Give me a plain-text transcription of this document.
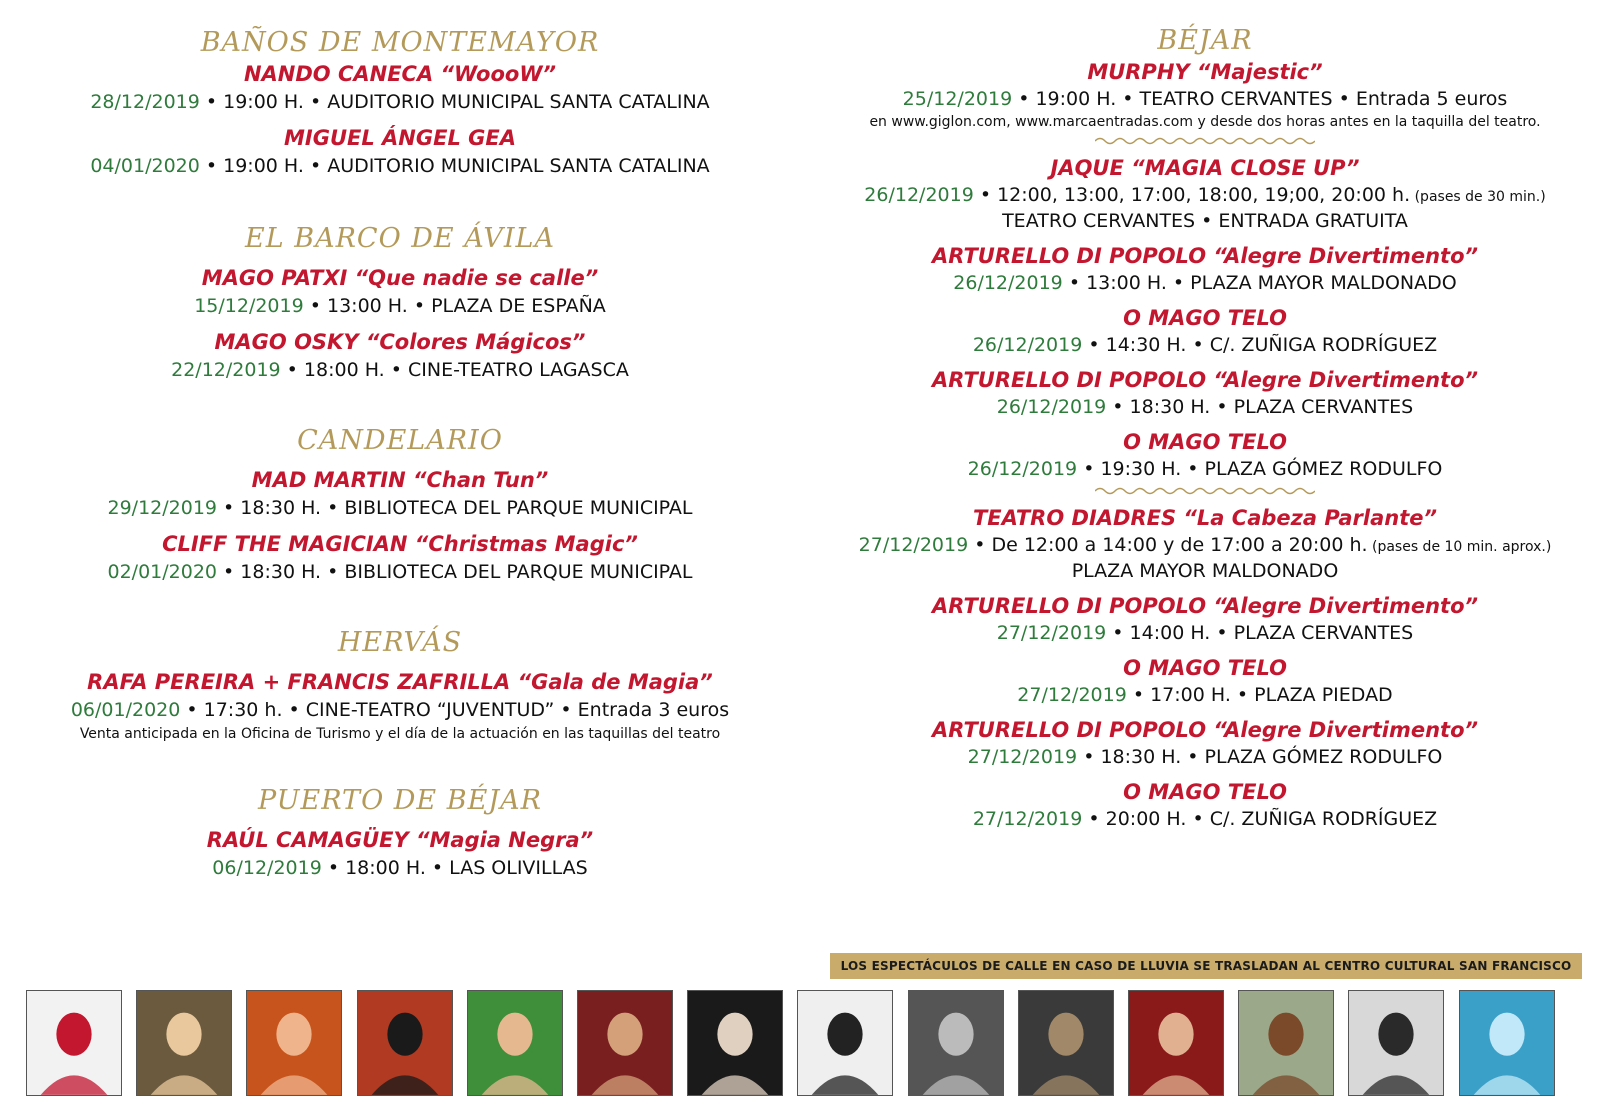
BAÑOS DE MONTEMAYOR
NANDO CANECA “WoooW”
28/12/2019 • 19:00 H. • AUDITORIO MUNICIPAL SANTA CATALINA
MIGUEL ÁNGEL GEA
04/01/2020 • 19:00 H. • AUDITORIO MUNICIPAL SANTA CATALINA
EL BARCO DE ÁVILA
MAGO PATXI “Que nadie se calle”
15/12/2019 • 13:00 H. • PLAZA DE ESPAÑA
MAGO OSKY “Colores Mágicos”
22/12/2019 • 18:00 H. • CINE-TEATRO LAGASCA
CANDELARIO
MAD MARTIN “Chan Tun”
29/12/2019 • 18:30 H. • BIBLIOTECA DEL PARQUE MUNICIPAL
CLIFF THE MAGICIAN “Christmas Magic”
02/01/2020 • 18:30 H. • BIBLIOTECA DEL PARQUE MUNICIPAL
HERVÁS
RAFA PEREIRA + FRANCIS ZAFRILLA “Gala de Magia”
06/01/2020 • 17:30 h. • CINE-TEATRO “JUVENTUD” • Entrada 3 euros
Venta anticipada en la Oficina de Turismo y el día de la actuación en las taquillas del teatro
PUERTO DE BÉJAR
RAÚL CAMAGÜEY “Magia Negra”
06/12/2019 • 18:00 H. • LAS OLIVILLAS
BÉJAR
MURPHY “Majestic”
25/12/2019 • 19:00 H. • TEATRO CERVANTES • Entrada 5 euros
en www.giglon.com, www.marcaentradas.com y desde dos horas antes en la taquilla del teatro.
JAQUE “MAGIA CLOSE UP”
26/12/2019 • 12:00, 13:00, 17:00, 18:00, 19;00, 20:00 h. (pases de 30 min.)
TEATRO CERVANTES • ENTRADA GRATUITA
ARTURELLO DI POPOLO “Alegre Divertimento”
26/12/2019 • 13:00 H. • PLAZA MAYOR MALDONADO
O MAGO TELO
26/12/2019 • 14:30 H. • C/. ZUÑIGA RODRÍGUEZ
ARTURELLO DI POPOLO “Alegre Divertimento”
26/12/2019 • 18:30 H. • PLAZA CERVANTES
O MAGO TELO
26/12/2019 • 19:30 H. • PLAZA GÓMEZ RODULFO
TEATRO DIADRES “La Cabeza Parlante”
27/12/2019 • De 12:00 a 14:00 y de 17:00 a 20:00 h. (pases de 10 min. aprox.)
PLAZA MAYOR MALDONADO
ARTURELLO DI POPOLO “Alegre Divertimento”
27/12/2019 • 14:00 H. • PLAZA CERVANTES
O MAGO TELO
27/12/2019 • 17:00 H. • PLAZA PIEDAD
ARTURELLO DI POPOLO “Alegre Divertimento”
27/12/2019 • 18:30 H. • PLAZA GÓMEZ RODULFO
O MAGO TELO
27/12/2019 • 20:00 H. • C/. ZUÑIGA RODRÍGUEZ
LOS ESPECTÁCULOS DE CALLE EN CASO DE LLUVIA SE TRASLADAN AL CENTRO CULTURAL SAN FRANCISCO
